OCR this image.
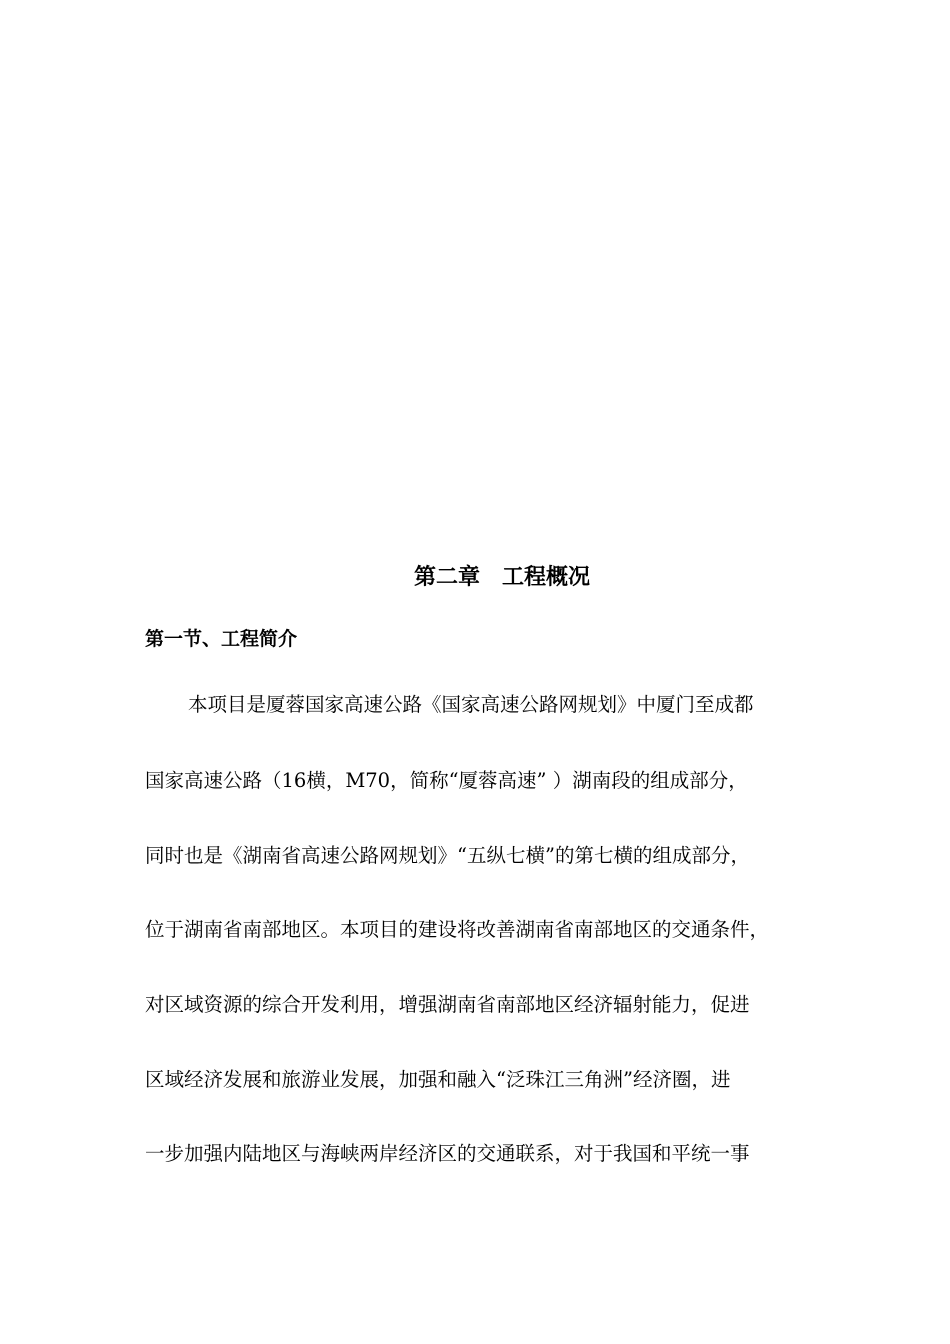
第二章　工程概况
第一节、工程简介
本项目是厦蓉国家高速公路《国家高速公路网规划》中厦门至成都
国家高速公路（16横，M70，简称“厦蓉高速” ）湖南段的组成部分，
同时也是《湖南省高速公路网规划》“五纵七横”的第七横的组成部分，
位于湖南省南部地区。本项目的建设将改善湖南省南部地区的交通条件，
对区域资源的综合开发利用，增强湖南省南部地区经济辐射能力，促进
区域经济发展和旅游业发展，加强和融入“泛珠江三角洲”经济圈，进
一步加强内陆地区与海峡两岸经济区的交通联系，对于我国和平统一事
